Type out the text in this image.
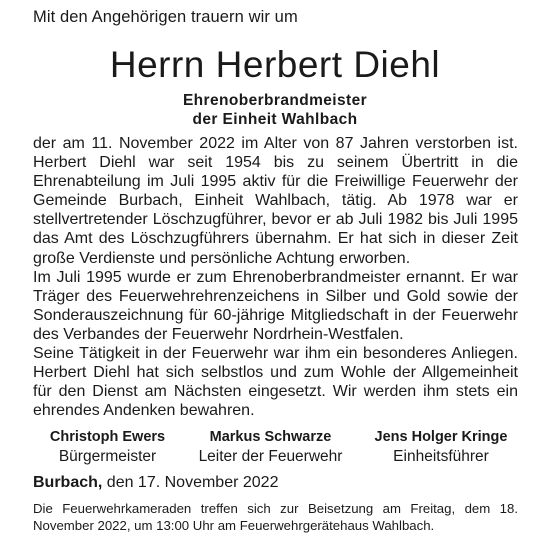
Mit den Angehörigen trauern wir um
Herrn Herbert Diehl
Ehrenoberbrandmeister
der Einheit Wahlbach
der am 11. November 2022 im Alter von 87 Jahren verstorben ist. Herbert Diehl war seit 1954 bis zu seinem Übertritt in die Ehrenabteilung im Juli 1995 aktiv für die Freiwillige Feuerwehr der Gemeinde Burbach, Einheit Wahlbach, tätig. Ab 1978 war er stellvertretender Löschzugführer, bevor er ab Juli 1982 bis Juli 1995 das Amt des Löschzugführers übernahm. Er hat sich in dieser Zeit große Verdienste und persönliche Achtung erworben.
Im Juli 1995 wurde er zum Ehrenoberbrandmeister ernannt. Er war Träger des Feuerwehrehrenzeichens in Silber und Gold sowie der Sonderauszeichnung für 60-jährige Mitgliedschaft in der Feuerwehr des Verbandes der Feuerwehr Nordrhein-Westfalen.
Seine Tätigkeit in der Feuerwehr war ihm ein besonderes Anliegen. Herbert Diehl hat sich selbstlos und zum Wohle der Allgemeinheit für den Dienst am Nächsten eingesetzt. Wir werden ihm stets ein ehrendes Andenken bewahren.
Christoph Ewers
Bürgermeister
Markus Schwarze
Leiter der Feuerwehr
Jens Holger Kringe
Einheitsführer
Burbach, den 17. November 2022
Die Feuerwehrkameraden treffen sich zur Beisetzung am Freitag, dem 18. November 2022, um 13:00 Uhr am Feuerwehrgerätehaus Wahlbach.
